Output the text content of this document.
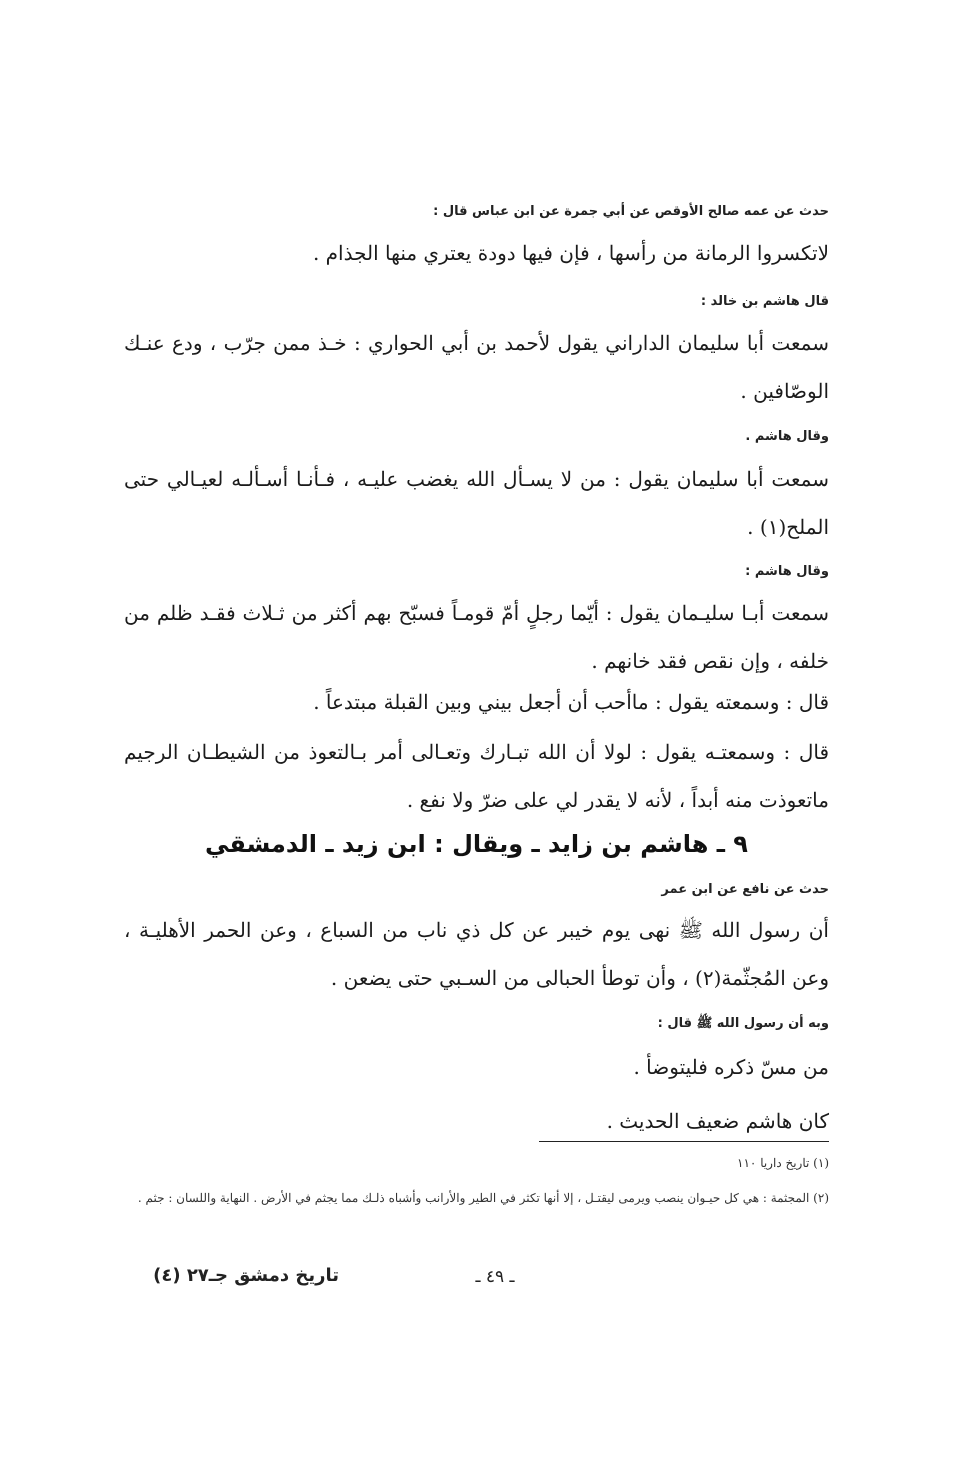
حدث عن عمه صالح الأوقص عن أبي جمرة عن ابن عباس قال :

لاتكسروا الرمانة من رأسها ، فإن فيها دودة يعتري منها الجذام .

قال هاشم بن خالد :

سمعت أبا سليمان الداراني يقول لأحمد بن أبي الحواري : خـذ ممن جرّب ، ودع عنـك الوصّافين .

وقال هاشم .

سمعت أبا سليمان يقول : من لا يسـأل الله يغضب عليـه ، فـأنـا أسـألـه لعيـالي حتى الملح(١) .

وقال هاشم :

سمعت أبـا سليـمان يقول : أيّما رجلٍ أمّ قومـاً فسبّح بهم أكثر من ثـلاث فقـد ظلم من خلفه ، وإن نقص فقد خانهم .

قال : وسمعته يقول : ماأحب أن أجعل بيني وبين القبلة مبتدعاً .

قال : وسمعتـه يقول : لولا أن الله تبـارك وتعـالى أمر بـالتعوذ من الشيطـان الرجيم ماتعوذت منه أبداً ، لأنه لا يقدر لي على ضرّ ولا نفع .

٩ ـ هاشم بن زايد ـ ويقال : ابن زيد ـ الدمشقي

حدث عن نافع عن ابن عمر

أن رسول الله ﷺ نهى يوم خيبر عن كل ذي ناب من السباع ، وعن الحمر الأهليـة ، وعن المُجثّمة(٢) ، وأن توطأ الحبالى من السـبي حتى يضعن .

وبه أن رسول الله ﷺ قال :

من مسّ ذكره فليتوضأ .

كان هاشم ضعيف الحديث .

(١) تاريخ داريا ١١٠

(٢) المجثمة : هي كل حيـوان ينصب ويرمى ليقتـل ، إلا أنها تكثر في الطير والأرانب وأشباه ذلـك مما يجثم في الأرض . النهاية واللسان : جثم .

تاريخ دمشق جـ٢٧ (٤)	ـ ٤٩ ـ
